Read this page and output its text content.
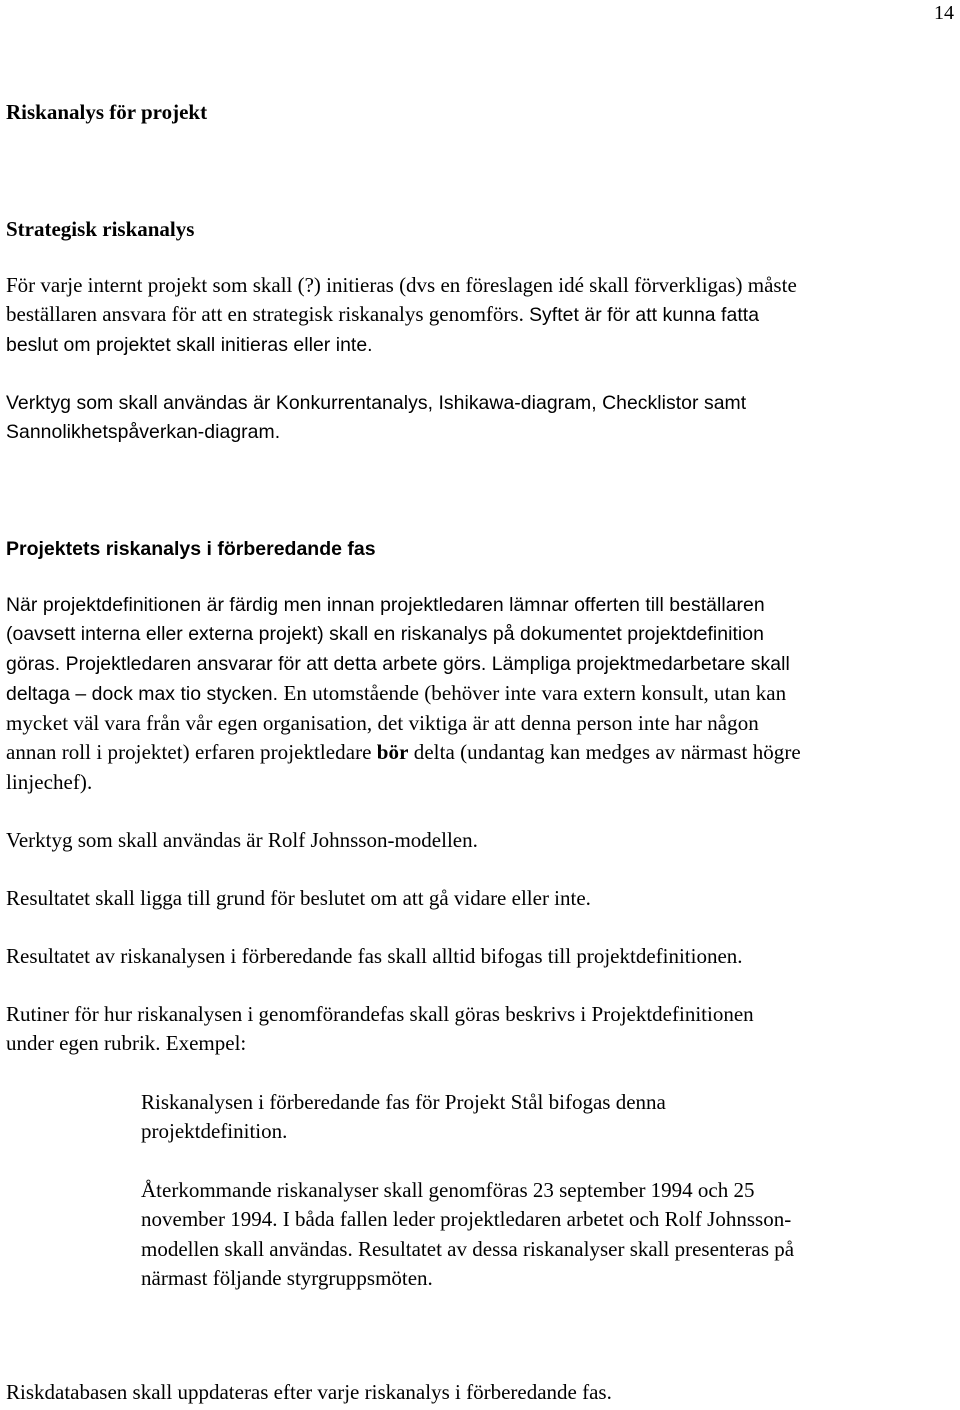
14
Riskanalys för projekt
Strategisk riskanalys
För varje internt projekt som skall (?) initieras (dvs en föreslagen idé skall förverkligas) måste
beställaren ansvara för att en strategisk riskanalys genomförs. Syftet är för att kunna fatta
beslut om projektet skall initieras eller inte.
Verktyg som skall användas är Konkurrentanalys, Ishikawa-diagram, Checklistor samt
Sannolikhetspåverkan-diagram.
Projektets riskanalys i förberedande fas
När projektdefinitionen är färdig men innan projektledaren lämnar offerten till beställaren
(oavsett interna eller externa projekt) skall en riskanalys på dokumentet projektdefinition
göras. Projektledaren ansvarar för att detta arbete görs. Lämpliga projektmedarbetare skall
deltaga – dock max tio stycken. En utomstående (behöver inte vara extern konsult, utan kan
mycket väl vara från vår egen organisation, det viktiga är att denna person inte har någon
annan roll i projektet) erfaren projektledare bör delta (undantag kan medges av närmast högre
linjechef).
Verktyg som skall användas är Rolf Johnsson-modellen.
Resultatet skall ligga till grund för beslutet om att gå vidare eller inte.
Resultatet av riskanalysen i förberedande fas skall alltid bifogas till projektdefinitionen.
Rutiner för hur riskanalysen i genomförandefas skall göras beskrivs i Projektdefinitionen
under egen rubrik. Exempel:
Riskanalysen i förberedande fas för Projekt Stål bifogas denna
projektdefinition.
Återkommande riskanalyser skall genomföras 23 september 1994 och 25
november 1994. I båda fallen leder projektledaren arbetet och Rolf Johnsson-
modellen skall användas. Resultatet av dessa riskanalyser skall presenteras på
närmast följande styrgruppsmöten.
Riskdatabasen skall uppdateras efter varje riskanalys i förberedande fas.
